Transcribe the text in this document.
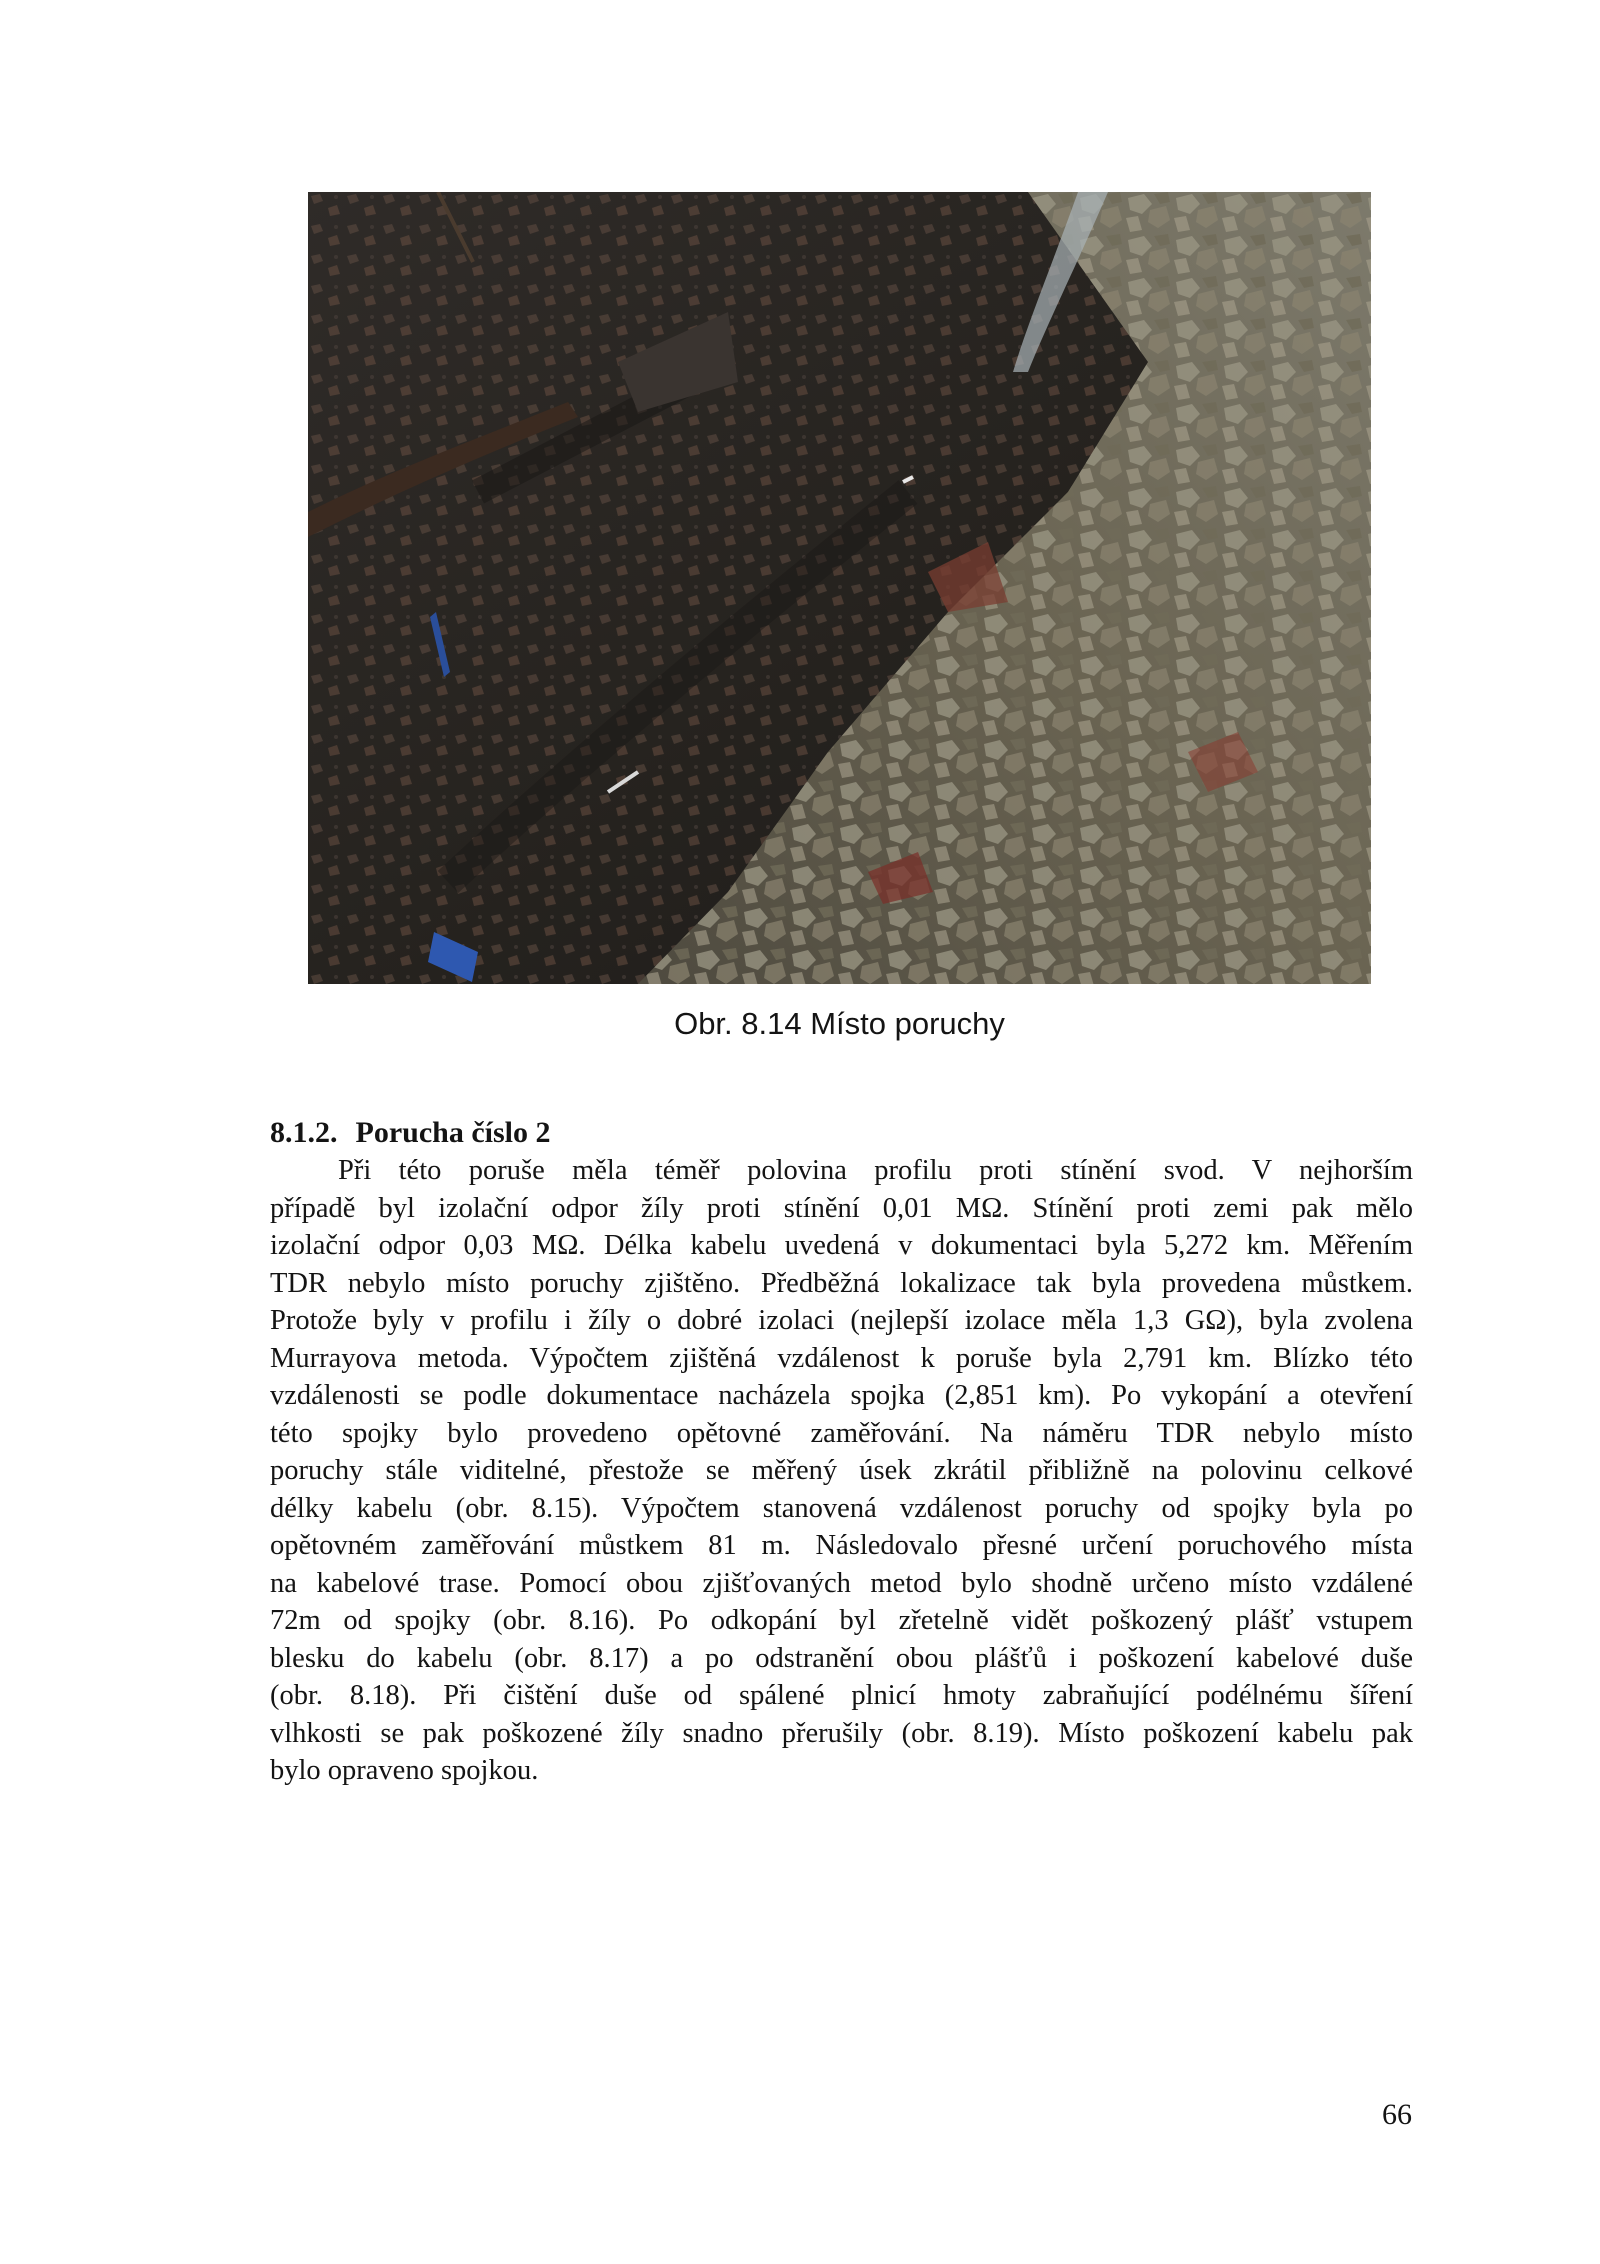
Obr. 8.14 Místo poruchy
8.1.2. Porucha číslo 2
Při této poruše měla téměř polovina profilu proti stínění svod. V nejhorším
případě byl izolační odpor žíly proti stínění 0,01 MΩ. Stínění proti zemi pak mělo
izolační odpor 0,03 MΩ. Délka kabelu uvedená v dokumentaci byla 5,272 km. Měřením
TDR nebylo místo poruchy zjištěno. Předběžná lokalizace tak byla provedena můstkem.
Protože byly v profilu i žíly o dobré izolaci (nejlepší izolace měla 1,3 GΩ), byla zvolena
Murrayova metoda. Výpočtem zjištěná vzdálenost k poruše byla 2,791 km. Blízko této
vzdálenosti se podle dokumentace nacházela spojka (2,851 km). Po vykopání a otevření
této spojky bylo provedeno opětovné zaměřování. Na náměru TDR nebylo místo
poruchy stále viditelné, přestože se měřený úsek zkrátil přibližně na polovinu celkové
délky kabelu (obr. 8.15). Výpočtem stanovená vzdálenost poruchy od spojky byla po
opětovném zaměřování můstkem 81 m. Následovalo přesné určení poruchového místa
na kabelové trase. Pomocí obou zjišťovaných metod bylo shodně určeno místo vzdálené
72m od spojky (obr. 8.16). Po odkopání byl zřetelně vidět poškozený plášť vstupem
blesku do kabelu (obr. 8.17) a po odstranění obou plášťů i poškození kabelové duše
(obr. 8.18). Při čištění duše od spálené plnicí hmoty zabraňující podélnému šíření
vlhkosti se pak poškozené žíly snadno přerušily (obr. 8.19). Místo poškození kabelu pak
bylo opraveno spojkou.
66
